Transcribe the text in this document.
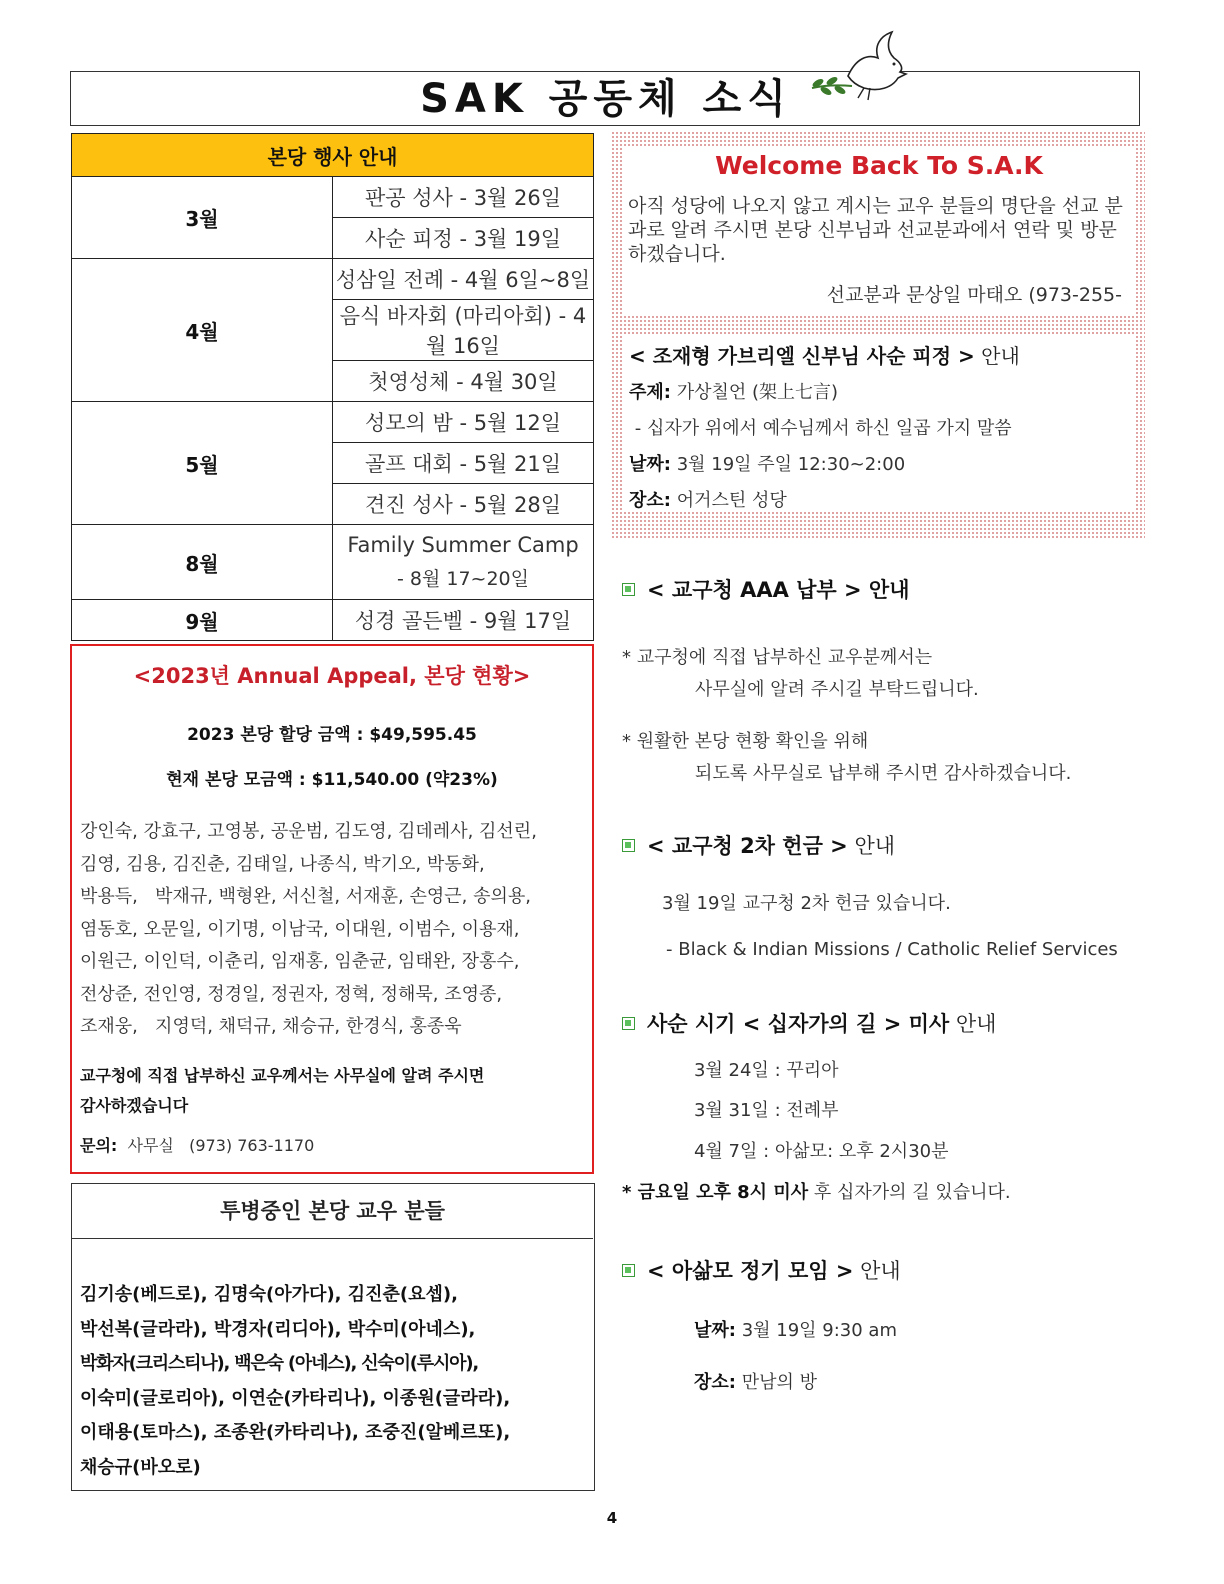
SAK 공동체 소식
본당 행사 안내	
3월	판공 성사 - 3월 26일
	사순 피정 - 3월 19일
4월	성삼일 전례 - 4월 6일~8일
	음식 바자회 (마리아회) - 4월 16일
	첫영성체 - 4월 30일
5월	성모의 밤 - 5월 12일
	골프 대회 - 5월 21일
	견진 성사 - 5월 28일
8월	Family Summer Camp
- 8월 17~20일

9월	성경 골든벨 - 9월 17일
<2023년 Annual Appeal, 본당 현황>
2023 본당 할당 금액 : $49,595.45
현재 본당 모금액 : $11,540.00 (약23%)
강인숙, 강효구, 고영봉, 공운범, 김도영, 김데레사, 김선린,
김영, 김용, 김진춘, 김태일, 나종식, 박기오, 박동화,
박용득,   박재규, 백형완, 서신철, 서재훈, 손영근, 송의용,
염동호, 오문일, 이기명, 이남국, 이대원, 이범수, 이용재,
이원근, 이인덕, 이춘리, 임재홍, 임춘균, 임태완, 장홍수,
전상준, 전인영, 정경일, 정권자, 정혁, 정해묵, 조영종,
조재웅,   지영덕, 채덕규, 채승규, 한경식, 홍종욱
교구청에 직접 납부하신 교우께서는 사무실에 알려 주시면
감사하겠습니다
문의: 사무실   (973) 763-1170
투병중인 본당 교우 분들
김기송(베드로), 김명숙(아가다), 김진춘(요셉),
박선복(글라라), 박경자(리디아), 박수미(아네스),
박화자(크리스티나), 백은숙 (아네스), 신숙이(루시아),
이숙미(글로리아), 이연순(카타리나), 이종원(글라라),
이태용(토마스), 조종완(카타리나), 조중진(알베르또),
채승규(바오로)
Welcome Back To S.A.K
아직 성당에 나오지 않고 계시는 교우 분들의 명단을 선교 분과로 알려 주시면 본당 신부님과 선교분과에서 연락 및 방문하겠습니다.
선교분과 문상일 마태오 (973-255-
< 조재형 가브리엘 신부님 사순 피정 > 안내
주제: 가상칠언 (架上七言)
- 십자가 위에서 예수님께서 하신 일곱 가지 말씀
날짜: 3월 19일 주일 12:30~2:00
장소: 어거스틴 성당
< 교구청 AAA 납부 > 안내
* 교구청에 직접 납부하신 교우분께서는
사무실에 알려 주시길 부탁드립니다.
* 원활한 본당 현황 확인을 위해
되도록 사무실로 납부해 주시면 감사하겠습니다.
< 교구청 2차 헌금 > 안내
3월 19일 교구청 2차 헌금 있습니다.
- Black & Indian Missions / Catholic Relief Services
사순 시기 < 십자가의 길 > 미사 안내
3월 24일 : 꾸리아
3월 31일 : 전례부
4월 7일 : 아삶모: 오후 2시30분
* 금요일 오후 8시 미사 후 십자가의 길 있습니다.
< 아삶모 정기 모임 > 안내
날짜: 3월 19일 9:30 am
장소: 만남의 방
4
